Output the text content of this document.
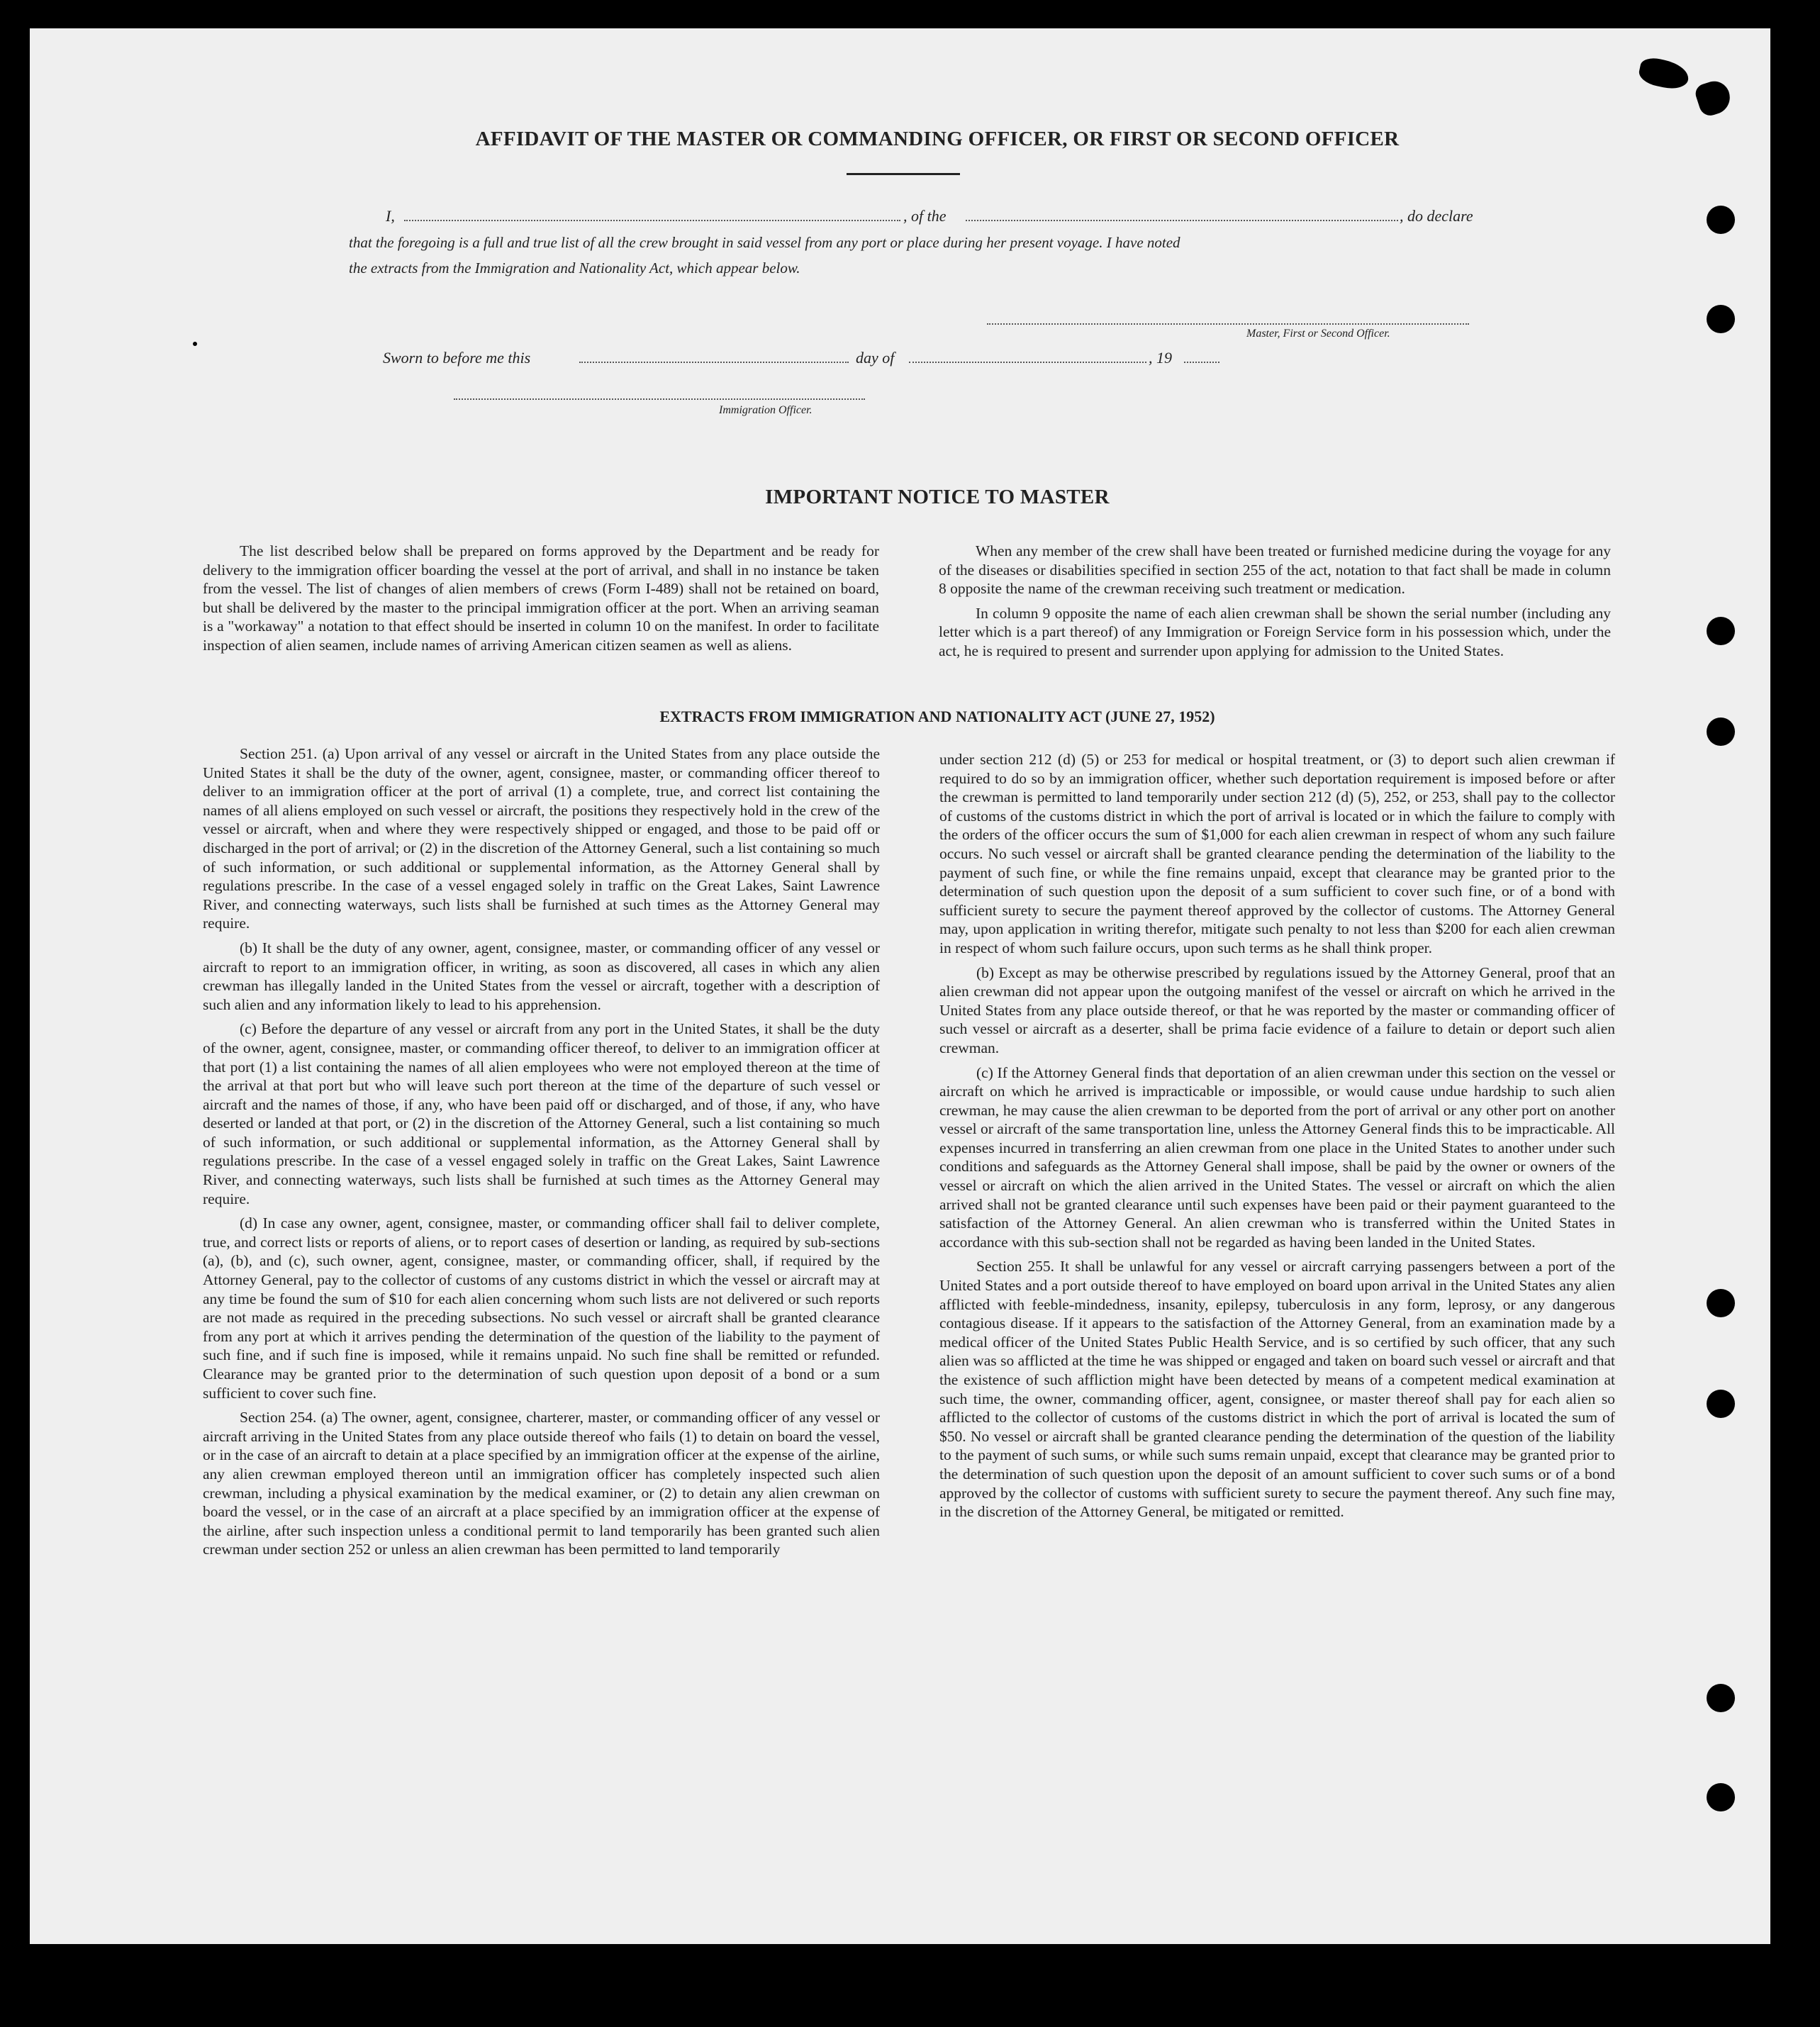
AFFIDAVIT OF THE MASTER OR COMMANDING OFFICER, OR FIRST OR SECOND OFFICER
I,	, of the	, do declare
that the foregoing is a full and true list of all the crew brought in said vessel from any port or place during her present voyage. I have noted
the extracts from the Immigration and Nationality Act, which appear below.
Master, First or Second Officer.
Sworn to before me this	day of	, 19
Immigration Officer.
IMPORTANT NOTICE TO MASTER

The list described below shall be prepared on forms approved by the Department and be ready for delivery to the immigration officer boarding the vessel at the port of arrival, and shall in no instance be taken from the vessel. The list of changes of alien members of crews (Form I-489) shall not be retained on board, but shall be delivered by the master to the principal immigration officer at the port. When an arriving seaman is a "workaway" a notation to that effect should be inserted in column 10 on the manifest. In order to facilitate inspection of alien seamen, include names of arriving American citizen seamen as well as aliens.

When any member of the crew shall have been treated or furnished medicine during the voyage for any of the diseases or disabilities specified in section 255 of the act, notation to that fact shall be made in column 8 opposite the name of the crewman receiving such treatment or medication.

In column 9 opposite the name of each alien crewman shall be shown the serial number (including any letter which is a part thereof) of any Immigration or Foreign Service form in his possession which, under the act, he is required to present and surrender upon applying for admission to the United States.

EXTRACTS FROM IMMIGRATION AND NATIONALITY ACT (JUNE 27, 1952)

Section 251. (a) Upon arrival of any vessel or aircraft in the United States from any place outside the United States it shall be the duty of the owner, agent, consignee, master, or commanding officer thereof to deliver to an immigration officer at the port of arrival (1) a complete, true, and correct list containing the names of all aliens employed on such vessel or aircraft, the positions they respectively hold in the crew of the vessel or aircraft, when and where they were respectively shipped or engaged, and those to be paid off or discharged in the port of arrival; or (2) in the discretion of the Attorney General, such a list containing so much of such information, or such additional or supplemental information, as the Attorney General shall by regulations prescribe. In the case of a vessel engaged solely in traffic on the Great Lakes, Saint Lawrence River, and connecting waterways, such lists shall be furnished at such times as the Attorney General may require.

(b) It shall be the duty of any owner, agent, consignee, master, or commanding officer of any vessel or aircraft to report to an immigration officer, in writing, as soon as discovered, all cases in which any alien crewman has illegally landed in the United States from the vessel or aircraft, together with a description of such alien and any information likely to lead to his apprehension.

(c) Before the departure of any vessel or aircraft from any port in the United States, it shall be the duty of the owner, agent, consignee, master, or commanding officer thereof, to deliver to an immigration officer at that port (1) a list containing the names of all alien employees who were not employed thereon at the time of the arrival at that port but who will leave such port thereon at the time of the departure of such vessel or aircraft and the names of those, if any, who have been paid off or discharged, and of those, if any, who have deserted or landed at that port, or (2) in the discretion of the Attorney General, such a list containing so much of such information, or such additional or supplemental information, as the Attorney General shall by regulations prescribe. In the case of a vessel engaged solely in traffic on the Great Lakes, Saint Lawrence River, and connecting waterways, such lists shall be furnished at such times as the Attorney General may require.

(d) In case any owner, agent, consignee, master, or commanding officer shall fail to deliver complete, true, and correct lists or reports of aliens, or to report cases of desertion or landing, as required by sub-sections (a), (b), and (c), such owner, agent, consignee, master, or commanding officer, shall, if required by the Attorney General, pay to the collector of customs of any customs district in which the vessel or aircraft may at any time be found the sum of $10 for each alien concerning whom such lists are not delivered or such reports are not made as required in the preceding subsections. No such vessel or aircraft shall be granted clearance from any port at which it arrives pending the determination of the question of the liability to the payment of such fine, and if such fine is imposed, while it remains unpaid. No such fine shall be remitted or refunded. Clearance may be granted prior to the determination of such question upon deposit of a bond or a sum sufficient to cover such fine.

Section 254. (a) The owner, agent, consignee, charterer, master, or commanding officer of any vessel or aircraft arriving in the United States from any place outside thereof who fails (1) to detain on board the vessel, or in the case of an aircraft to detain at a place specified by an immigration officer at the expense of the airline, any alien crewman employed thereon until an immigration officer has completely inspected such alien crewman, including a physical examination by the medical examiner, or (2) to detain any alien crewman on board the vessel, or in the case of an aircraft at a place specified by an immigration officer at the expense of the airline, after such inspection unless a conditional permit to land temporarily has been granted such alien crewman under section 252 or unless an alien crewman has been permitted to land temporarily

under section 212 (d) (5) or 253 for medical or hospital treatment, or (3) to deport such alien crewman if required to do so by an immigration officer, whether such deportation requirement is imposed before or after the crewman is permitted to land temporarily under section 212 (d) (5), 252, or 253, shall pay to the collector of customs of the customs district in which the port of arrival is located or in which the failure to comply with the orders of the officer occurs the sum of $1,000 for each alien crewman in respect of whom any such failure occurs. No such vessel or aircraft shall be granted clearance pending the determination of the liability to the payment of such fine, or while the fine remains unpaid, except that clearance may be granted prior to the determination of such question upon the deposit of a sum sufficient to cover such fine, or of a bond with sufficient surety to secure the payment thereof approved by the collector of customs. The Attorney General may, upon application in writing therefor, mitigate such penalty to not less than $200 for each alien crewman in respect of whom such failure occurs, upon such terms as he shall think proper.

(b) Except as may be otherwise prescribed by regulations issued by the Attorney General, proof that an alien crewman did not appear upon the outgoing manifest of the vessel or aircraft on which he arrived in the United States from any place outside thereof, or that he was reported by the master or commanding officer of such vessel or aircraft as a deserter, shall be prima facie evidence of a failure to detain or deport such alien crewman.

(c) If the Attorney General finds that deportation of an alien crewman under this section on the vessel or aircraft on which he arrived is impracticable or impossible, or would cause undue hardship to such alien crewman, he may cause the alien crewman to be deported from the port of arrival or any other port on another vessel or aircraft of the same transportation line, unless the Attorney General finds this to be impracticable. All expenses incurred in transferring an alien crewman from one place in the United States to another under such conditions and safeguards as the Attorney General shall impose, shall be paid by the owner or owners of the vessel or aircraft on which the alien arrived in the United States. The vessel or aircraft on which the alien arrived shall not be granted clearance until such expenses have been paid or their payment guaranteed to the satisfaction of the Attorney General. An alien crewman who is transferred within the United States in accordance with this sub-section shall not be regarded as having been landed in the United States.

Section 255. It shall be unlawful for any vessel or aircraft carrying passengers between a port of the United States and a port outside thereof to have employed on board upon arrival in the United States any alien afflicted with feeble-mindedness, insanity, epilepsy, tuberculosis in any form, leprosy, or any dangerous contagious disease. If it appears to the satisfaction of the Attorney General, from an examination made by a medical officer of the United States Public Health Service, and is so certified by such officer, that any such alien was so afflicted at the time he was shipped or engaged and taken on board such vessel or aircraft and that the existence of such affliction might have been detected by means of a competent medical examination at such time, the owner, commanding officer, agent, consignee, or master thereof shall pay for each alien so afflicted to the collector of customs of the customs district in which the port of arrival is located the sum of $50. No vessel or aircraft shall be granted clearance pending the determination of the question of the liability to the payment of such sums, or while such sums remain unpaid, except that clearance may be granted prior to the determination of such question upon the deposit of an amount sufficient to cover such sums or of a bond approved by the collector of customs with sufficient surety to secure the payment thereof. Any such fine may, in the discretion of the Attorney General, be mitigated or remitted.
